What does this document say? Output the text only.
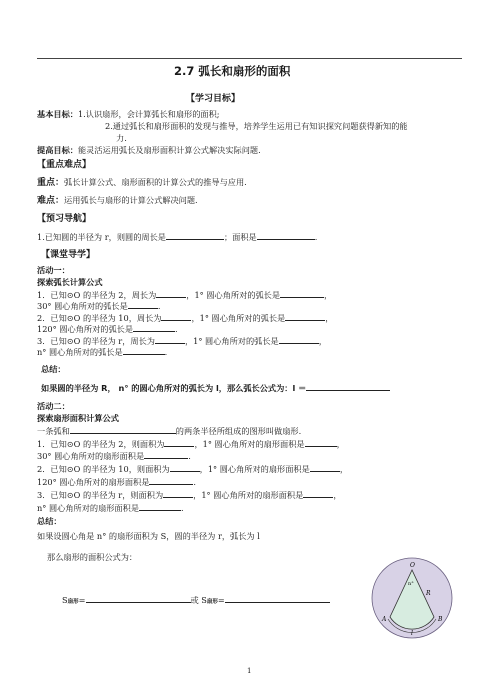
2.7 弧长和扇形的面积
【学习目标】
基本目标：1.认识扇形，会计算弧长和扇形的面积;
2.通过弧长和扇形面积的发现与推导，培养学生运用已有知识探究问题获得新知的能
力.
提高目标：能灵活运用弧长及扇形面积计算公式解决实际问题.
【重点难点】
重点：弧长计算公式、扇形面积的计算公式的推导与应用.
难点：运用弧长与扇形的计算公式解决问题.
【预习导航】
1.已知圆的半径为 r，则圆的周长是	；面积是	.
【课堂导学】
活动一：
探索弧长计算公式
1．已知⊙O 的半径为 2，周长为	，1° 圆心角所对的弧长是	，
30° 圆心角所对的弧长是	.
2．已知⊙O 的半径为 10，周长为	，1° 圆心角所对的弧长是	，
120° 圆心角所对的弧长是	.
3．已知⊙O 的半径为 r，周长为	，1° 圆心角所对的弧长是	，
n° 圆心角所对的弧长是	.
总结：
如果圆的半径为 R， n° 的圆心角所对的弧长为 l，那么弧长公式为：l ＝
活动二：
探索扇形面积计算公式
一条弧和	的两条半径所组成的图形叫做扇形.
1．已知⊙O 的半径为 2，则面积为	，1° 圆心角所对的扇形面积是	，
30° 圆心角所对的扇形面积是	.
2．已知⊙O 的半径为 10，则面积为	，1° 圆心角所对的扇形面积是	，
120° 圆心角所对的扇形面积是	.
3．已知⊙O 的半径为 r，则面积为	，1° 圆心角所对的扇形面积是	，
n° 圆心角所对的扇形面积是	.
总结：
如果设圆心角是 n° 的扇形面积为 S，圆的半径为 r，弧长为 l
那么扇形的面积公式为：
S扇形=	或 S扇形=
O
R
n°
A	B
l
1
